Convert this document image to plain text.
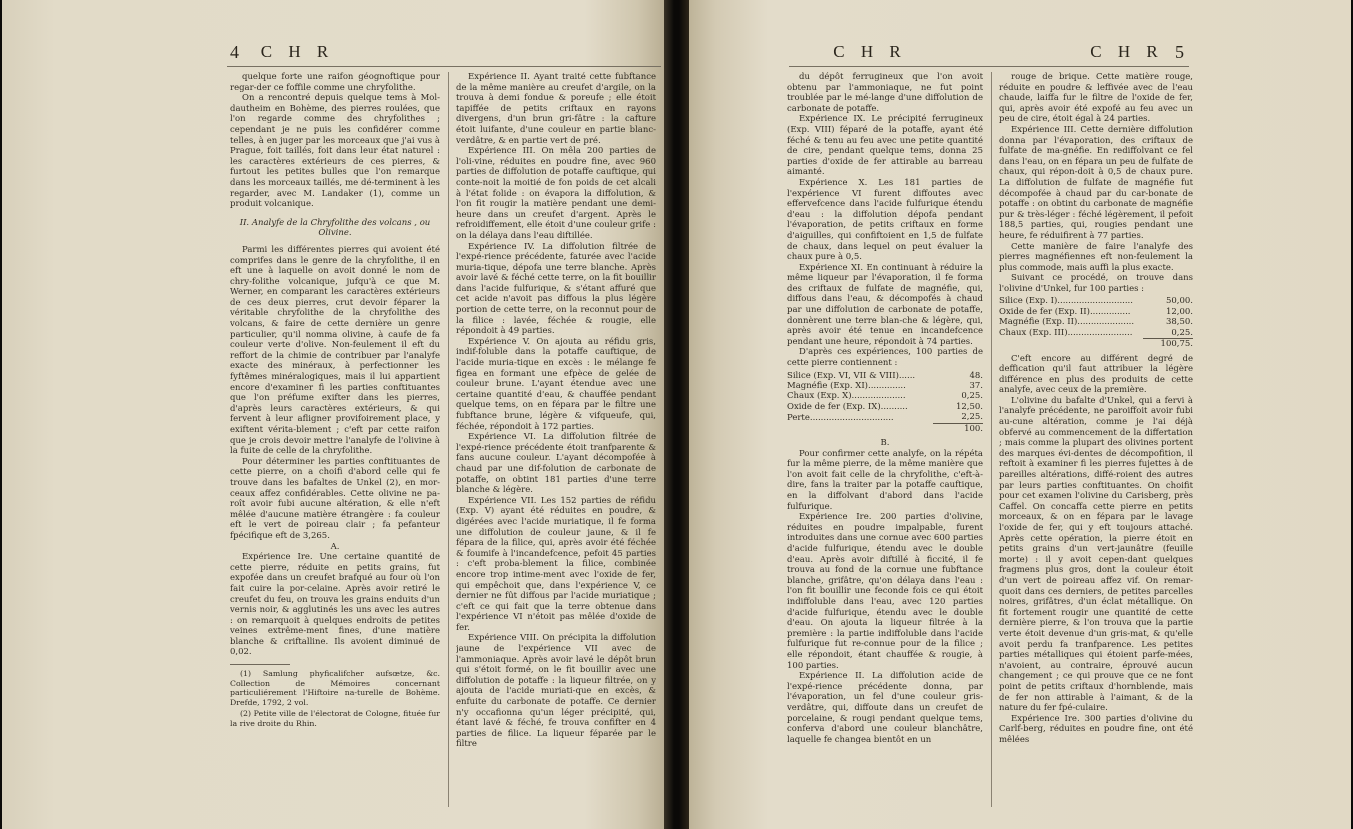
4	C H R

quelque forte une raifon géognoftique pour regar-der ce foffile comme une chryfolithe.

On a rencontré depuis quelque tems à Mol-dautheim en Bohème, des pierres roulées, que l'on regarde comme des chryfolithes ; cependant je ne puis les confidérer comme telles, à en juger par les morceaux que j'ai vus à Prague, foit taillés, foit dans leur état naturel : les caractères extérieurs de ces pierres, & furtout les petites bulles que l'on remarque dans les morceaux taillés, me dé-terminent à les regarder, avec M. Landaker (1), comme un produit volcanique.

II. Analyfe de la Chryfolithe des volcans , ou Olivine.

Parmi les différentes pierres qui avoient été comprifes dans le genre de la chryfolithe, il en eft une à laquelle on avoit donné le nom de chry-folithe volcanique, jufqu'à ce que M. Werner, en comparant les caractères extérieurs de ces deux pierres, crut devoir féparer la véritable chryfolithe de la chryfolithe des volcans, & faire de cette dernière un genre particulier, qu'il nomma olivine, à caufe de fa couleur verte d'olive. Non-feulement il eft du reffort de la chimie de contribuer par l'analyfe exacte des minéraux, à perfectionner les fyftêmes minéralogiques, mais il lui appartient encore d'examiner fi les parties conftituantes que l'on préfume exifter dans les pierres, d'après leurs caractères extérieurs, & qui fervent à leur afligner provifoirement place, y exiftent vérita-blement ; c'eft par cette raifon que je crois devoir mettre l'analyfe de l'olivine à la fuite de celle de la chryfolithe.

Pour déterminer les parties conftituantes de cette pierre, on a choifi d'abord celle qui fe trouve dans les bafaltes de Unkel (2), en mor-ceaux affez confidérables. Cette olivine ne pa-roît avoir fubi aucune altération, & elle n'eft mêlée d'aucune matière étrangère : fa couleur eft le vert de poireau clair ; fa pefanteur fpécifique eft de 3,265.

A.

Expérience Ire. Une certaine quantité de cette pierre, réduite en petits grains, fut expofée dans un creufet brafqué au four où l'on fait cuire la por-celaine. Après avoir retiré le creufet du feu, on trouva les grains enduits d'un vernis noir, & agglutinés les uns avec les autres : on remarquoit à quelques endroits de petites veines extrême-ment fines, d'une matière blanche & criftalline. Ils avoient diminué de 0,02.

(1) Samlung phyficalifcher aufsœtze, &c. Collection de Mémoires concernant particuliérement l'Hiftoire na-turelle de Bohème. Drefde, 1792, 2 vol.

(2) Petite ville de l'électorat de Cologne, fituée fur la rive droite du Rhin.

Expérience II. Ayant traité cette fubftance de la même manière au creufet d'argile, on la trouva à demi fondue & poreufe ; elle étoit tapiffée de petits criftaux en rayons divergens, d'un brun gri-fâtre : la cafture étoit luifante, d'une couleur en partie blanc-verdâtre, & en partie vert de pré.

Expérience III. On mêla 200 parties de l'oli-vine, réduites en poudre fine, avec 960 parties de diffolution de potaffe cauftique, qui conte-noit la moitié de fon poids de cet alcali à l'état folide : on évapora la diffolution, & l'on fit rougir la matière pendant une demi-heure dans un creufet d'argent. Après le refroidiffement, elle étoit d'une couleur grife : on la délaya dans l'eau diftillée.

Expérience IV. La diffolution filtrée de l'expé-rience précédente, faturée avec l'acide muria-tique, dépofa une terre blanche. Après avoir lavé & féché cette terre, on la fit bouillir dans l'acide fulfurique, & s'étant affuré que cet acide n'avoit pas diffous la plus légère portion de cette terre, on la reconnut pour de la filice : lavée, féchée & rougie, elle répondoit à 49 parties.

Expérience V. On ajouta au réfidu gris, indif-foluble dans la potaffe cauftique, de l'acide muria-tique en excès : le mélange fe figea en formant une efpèce de gelée de couleur brune. L'ayant étendue avec une certaine quantité d'eau, & chauffée pendant quelque tems, on en fépara par le filtre une fubftance brune, légère & vifqueufe, qui, féchée, répondoit à 172 parties.

Expérience VI. La diffolution filtrée de l'expé-rience précédente étoit tranfparente & fans aucune couleur. L'ayant décompofée à chaud par une dif-folution de carbonate de potaffe, on obtint 181 parties d'une terre blanche & légère.

Expérience VII. Les 152 parties de réfidu (Exp. V) ayant été réduites en poudre, & digérées avec l'acide muriatique, il fe forma une diffolution de couleur jaune, & il fe fépara de la filice, qui, après avoir été féchée & foumife à l'incandefcence, pefoit 45 parties : c'eft proba-blement la filice, combinée encore trop intime-ment avec l'oxide de fer, qui empêchoit que, dans l'expérience V, ce dernier ne fût diffous par l'acide muriatique ; c'eft ce qui fait que la terre obtenue dans l'expérience VI n'étoit pas mêlée d'oxide de fer.

Expérience VIII. On précipita la diffolution jaune de l'expérience VII avec de l'ammoniaque. Après avoir lavé le dépôt brun qui s'étoit formé, on le fit bouillir avec une diffolution de potaffe : la liqueur filtrée, on y ajouta de l'acide muriati-que en excès, & enfuite du carbonate de potaffe. Ce dernier n'y occafionna qu'un léger précipité, qui, étant lavé & féché, fe trouva confifter en 4 parties de filice. La liqueur féparée par le filtre

5
C H R	C H R

du dépôt ferrugineux que l'on avoit obtenu par l'ammoniaque, ne fut point troublée par le mé-lange d'une diffolution de carbonate de potaffe.

Expérience IX. Le précipité ferrugineux (Exp. VIII) féparé de la potaffe, ayant été féché & tenu au feu avec une petite quantité de cire, pendant quelque tems, donna 25 parties d'oxide de fer attirable au barreau aimanté.

Expérience X. Les 181 parties de l'expérience VI furent diffoutes avec effervefcence dans l'acide fulfurique étendu d'eau : la diffolution dépofa pendant l'évaporation, de petits criftaux en forme d'aiguilles, qui confiftoient en 1,5 de fulfate de chaux, dans lequel on peut évaluer la chaux pure à 0,5.

Expérience XI. En continuant à réduire la même liqueur par l'évaporation, il fe forma des criftaux de fulfate de magnéfie, qui, diffous dans l'eau, & décompofés à chaud par une diffolution de carbonate de potaffe, donnèrent une terre blan-che & légère, qui, après avoir été tenue en incandefcence pendant une heure, répondoit à 74 parties.

D'après ces expériences, 100 parties de cette pierre contiennent :

Silice (Exp. VI, VII & VIII)......	48.
Magnéfie (Exp. XI)..............	37.
Chaux (Exp. X)....................	0,25.
Oxide de fer (Exp. IX)..........	12,50.
Perte...............................	2,25.
	100.

B.

Pour confirmer cette analyfe, on la répéta fur la même pierre, de la même manière que l'on avoit fait celle de la chryfolithe, c'eft-à-dire, fans la traiter par la potaffe cauftique, en la diffolvant d'abord dans l'acide fulfurique.

Expérience Ire. 200 parties d'olivine, réduites en poudre impalpable, furent introduites dans une cornue avec 600 parties d'acide fulfurique, étendu avec le double d'eau. Après avoir diftillé à ficcité, il fe trouva au fond de la cornue une fubftance blanche, grifâtre, qu'on délaya dans l'eau : l'on fit bouillir une feconde fois ce qui étoit indiffoluble dans l'eau, avec 120 parties d'acide fulfurique, étendu avec le double d'eau. On ajouta la liqueur filtrée à la première : la partie indiffoluble dans l'acide fulfurique fut re-connue pour de la filice ; elle répondoit, étant chauffée & rougie, à 100 parties.

Expérience II. La diffolution acide de l'expé-rience précédente donna, par l'évaporation, un fel d'une couleur gris-verdâtre, qui, diffoute dans un creufet de porcelaine, & rougi pendant quelque tems, conferva d'abord une couleur blanchâtre, laquelle fe changea bientôt en un

rouge de brique. Cette matière rouge, réduite en poudre & leffivée avec de l'eau chaude, laiffa fur le filtre de l'oxide de fer, qui, après avoir été expofé au feu avec un peu de cire, étoit égal à 24 parties.

Expérience III. Cette dernière diffolution donna par l'évaporation, des criftaux de fulfate de ma-gnéfie. En rediffolvant ce fel dans l'eau, on en fépara un peu de fulfate de chaux, qui répon-doit à 0,5 de chaux pure. La diffolution de fulfate de magnéfie fut décompofée à chaud par du car-bonate de potaffe : on obtint du carbonate de magnéfie pur & très-léger : féché légèrement, il pefoit 188,5 parties, qui, rougies pendant une heure, fe réduifirent à 77 parties.

Cette manière de faire l'analyfe des pierres magnéfiennes eft non-feulement la plus commode, mais auffi la plus exacte.

Suivant ce procédé, on trouve dans l'olivine d'Unkel, fur 100 parties :

Silice (Exp. I)............................	50,00.
Oxide de fer (Exp. II)...............	12,00.
Magnéfie (Exp. II).....................	38,50.
Chaux (Exp. III)........................	0,25.
	100,75.

C'eft encore au différent degré de deffication qu'il faut attribuer la légère différence en plus des produits de cette analyfe, avec ceux de la première.

L'olivine du bafalte d'Unkel, qui a fervi à l'analyfe précédente, ne paroiffoit avoir fubi au-cune altération, comme je l'ai déjà obfervé au commencement de la differtation ; mais comme la plupart des olivines portent des marques évi-dentes de décompofition, il reftoit à examiner fi les pierres fujettes à de pareilles altérations, diffé-roient des autres par leurs parties conftituantes. On choifit pour cet examen l'olivine du Carisberg, près Caffel. On concaffa cette pierre en petits morceaux, & on en fépara par le lavage l'oxide de fer, qui y eft toujours attaché. Après cette opération, la pierre étoit en petits grains d'un vert-jaunâtre (feuille morte) : il y avoit cepen-dant quelques fragmens plus gros, dont la couleur étoit d'un vert de poireau affez vif. On remar-quoit dans ces derniers, de petites parcelles noires, grifâtres, d'un éclat métallique. On fit fortement rougir une quantité de cette dernière pierre, & l'on trouva que la partie verte étoit devenue d'un gris-mat, & qu'elle avoit perdu fa tranfparence. Les petites parties métalliques qui étoient parfe-mées, n'avoient, au contraire, éprouvé aucun changement ; ce qui prouve que ce ne font point de petits criftaux d'hornblende, mais de fer non attirable à l'aimant, & de la nature du fer fpé-culaire.

Expérience Ire. 300 parties d'olivine du Carlf-berg, réduites en poudre fine, ont été mêlées
